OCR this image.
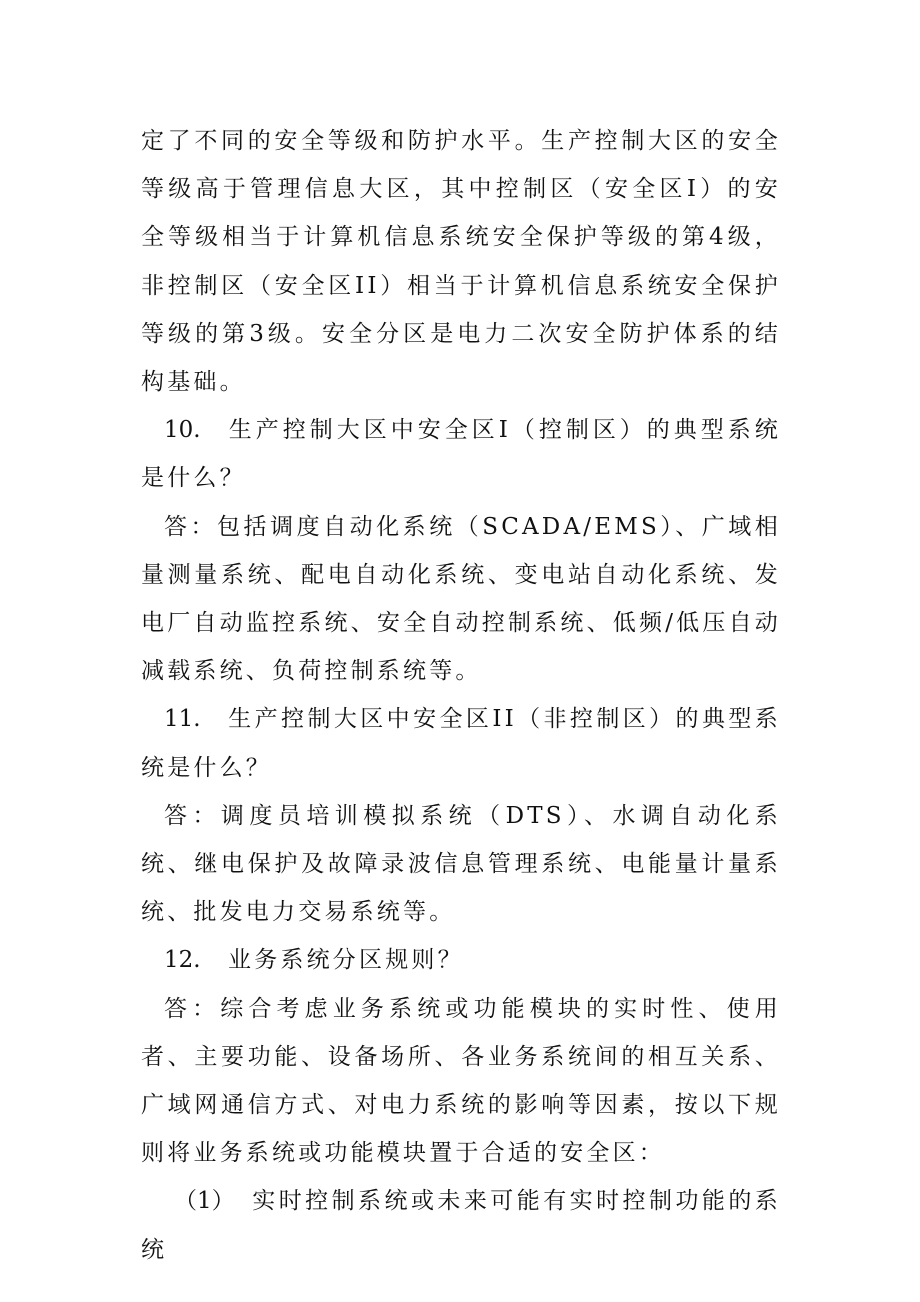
定了不同的安全等级和防护水平。生产控制大区的安全等级高于管理信息大区，其中控制区（安全区Ⅰ）的安全等级相当于计算机信息系统安全保护等级的第4级，非控制区（安全区II）相当于计算机信息系统安全保护等级的第3级。安全分区是电力二次安全防护体系的结构基础。

10. 生产控制大区中安全区I（控制区）的典型系统是什么？

答：包括调度自动化系统（SCADA/EMS）、广域相量测量系统、配电自动化系统、变电站自动化系统、发电厂自动监控系统、安全自动控制系统、低频/低压自动减载系统、负荷控制系统等。

11. 生产控制大区中安全区II（非控制区）的典型系统是什么？

答：调度员培训模拟系统（DTS）、水调自动化系统、继电保护及故障录波信息管理系统、电能量计量系统、批发电力交易系统等。

12. 业务系统分区规则？

答：综合考虑业务系统或功能模块的实时性、使用者、主要功能、设备场所、各业务系统间的相互关系、广域网通信方式、对电力系统的影响等因素，按以下规则将业务系统或功能模块置于合适的安全区：

（1） 实时控制系统或未来可能有实时控制功能的系统
